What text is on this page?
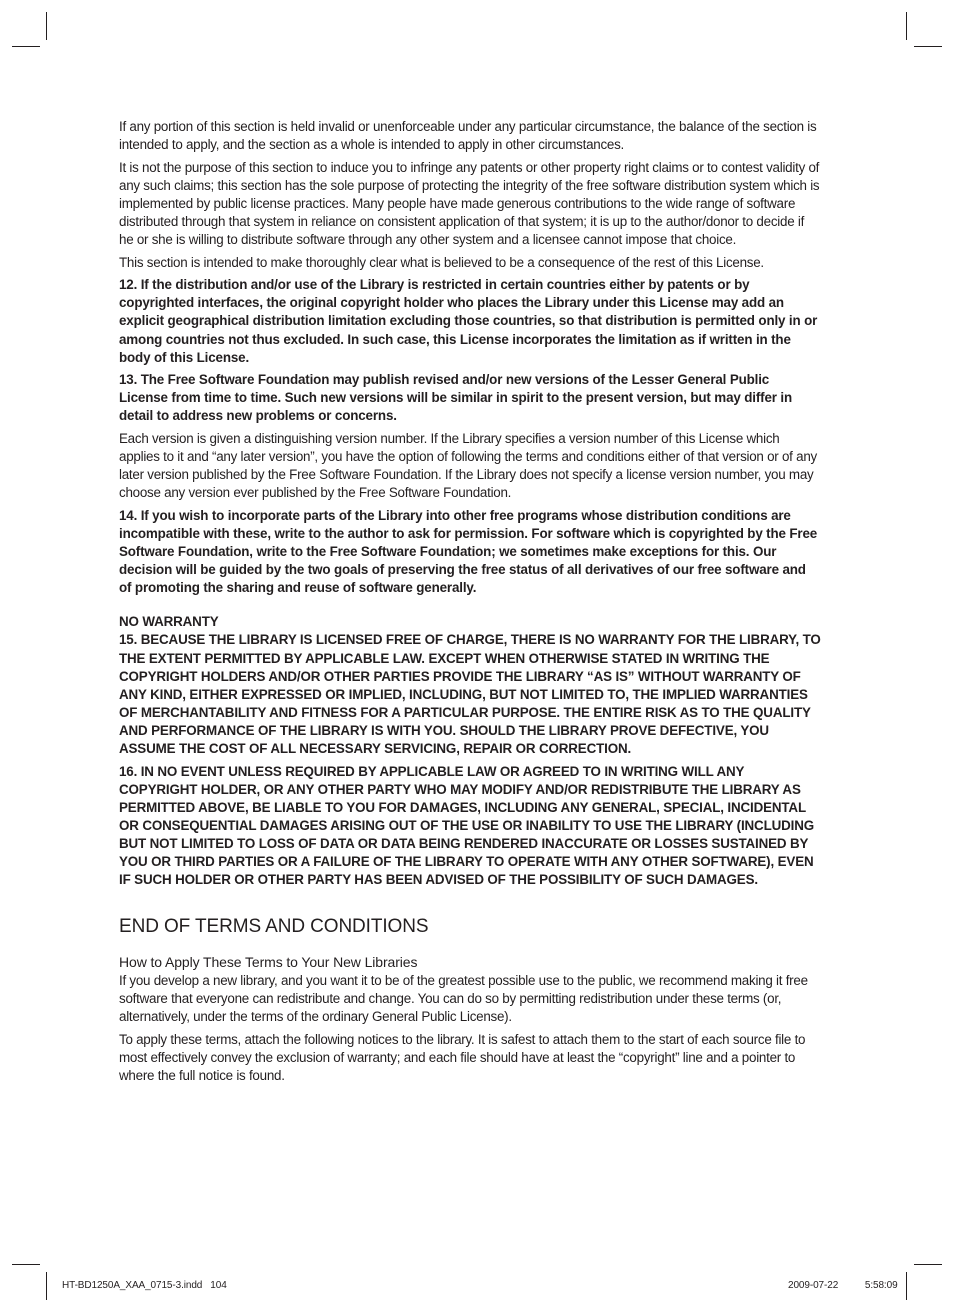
If any portion of this section is held invalid or unenforceable under any particular circumstance, the balance of the section is intended to apply, and the section as a whole is intended to apply in other circumstances.

It is not the purpose of this section to induce you to infringe any patents or other property right claims or to contest validity of any such claims; this section has the sole purpose of protecting the integrity of the free software distribution system which is implemented by public license practices. Many people have made generous contributions to the wide range of software distributed through that system in reliance on consistent application of that system; it is up to the author/donor to decide if he or she is willing to distribute software through any other system and a licensee cannot impose that choice.

This section is intended to make thoroughly clear what is believed to be a consequence of the rest of this License.

12. If the distribution and/or use of the Library is restricted in certain countries either by patents or by copyrighted interfaces, the original copyright holder who places the Library under this License may add an explicit geographical distribution limitation excluding those countries, so that distribution is permitted only in or among countries not thus excluded. In such case, this License incorporates the limitation as if written in the body of this License.

13. The Free Software Foundation may publish revised and/or new versions of the Lesser General Public License from time to time. Such new versions will be similar in spirit to the present version, but may differ in detail to address new problems or concerns.

Each version is given a distinguishing version number. If the Library specifies a version number of this License which applies to it and “any later version”, you have the option of following the terms and conditions either of that version or of any later version published by the Free Software Foundation. If the Library does not specify a license version number, you may choose any version ever published by the Free Software Foundation.

14. If you wish to incorporate parts of the Library into other free programs whose distribution conditions are incompatible with these, write to the author to ask for permission. For software which is copyrighted by the Free Software Foundation, write to the Free Software Foundation; we sometimes make exceptions for this. Our decision will be guided by the two goals of preserving the free status of all derivatives of our free software and of promoting the sharing and reuse of software generally.

NO WARRANTY

15. BECAUSE THE LIBRARY IS LICENSED FREE OF CHARGE, THERE IS NO WARRANTY FOR THE LIBRARY, TO THE EXTENT PERMITTED BY APPLICABLE LAW. EXCEPT WHEN OTHERWISE STATED IN WRITING THE COPYRIGHT HOLDERS AND/OR OTHER PARTIES PROVIDE THE LIBRARY “AS IS” WITHOUT WARRANTY OF ANY KIND, EITHER EXPRESSED OR IMPLIED, INCLUDING, BUT NOT LIMITED TO, THE IMPLIED WARRANTIES OF MERCHANTABILITY AND FITNESS FOR A PARTICULAR PURPOSE. THE ENTIRE RISK AS TO THE QUALITY AND PERFORMANCE OF THE LIBRARY IS WITH YOU. SHOULD THE LIBRARY PROVE DEFECTIVE, YOU ASSUME THE COST OF ALL NECESSARY SERVICING, REPAIR OR CORRECTION.

16. IN NO EVENT UNLESS REQUIRED BY APPLICABLE LAW OR AGREED TO IN WRITING WILL ANY COPYRIGHT HOLDER, OR ANY OTHER PARTY WHO MAY MODIFY AND/OR REDISTRIBUTE THE LIBRARY AS PERMITTED ABOVE, BE LIABLE TO YOU FOR DAMAGES, INCLUDING ANY GENERAL, SPECIAL, INCIDENTAL OR CONSEQUENTIAL DAMAGES ARISING OUT OF THE USE OR INABILITY TO USE THE LIBRARY (INCLUDING BUT NOT LIMITED TO LOSS OF DATA OR DATA BEING RENDERED INACCURATE OR LOSSES SUSTAINED BY YOU OR THIRD PARTIES OR A FAILURE OF THE LIBRARY TO OPERATE WITH ANY OTHER SOFTWARE), EVEN IF SUCH HOLDER OR OTHER PARTY HAS BEEN ADVISED OF THE POSSIBILITY OF SUCH DAMAGES.

END OF TERMS AND CONDITIONS
How to Apply These Terms to Your New Libraries

If you develop a new library, and you want it to be of the greatest possible use to the public, we recommend making it free software that everyone can redistribute and change. You can do so by permitting redistribution under these terms (or, alternatively, under the terms of the ordinary General Public License).

To apply these terms, attach the following notices to the library. It is safest to attach them to the start of each source file to most effectively convey the exclusion of warranty; and each file should have at least the “copyright” line and a pointer to where the full notice is found.

HT-BD1250A_XAA_0715-3.indd   104	2009-07-22    5:58:09
